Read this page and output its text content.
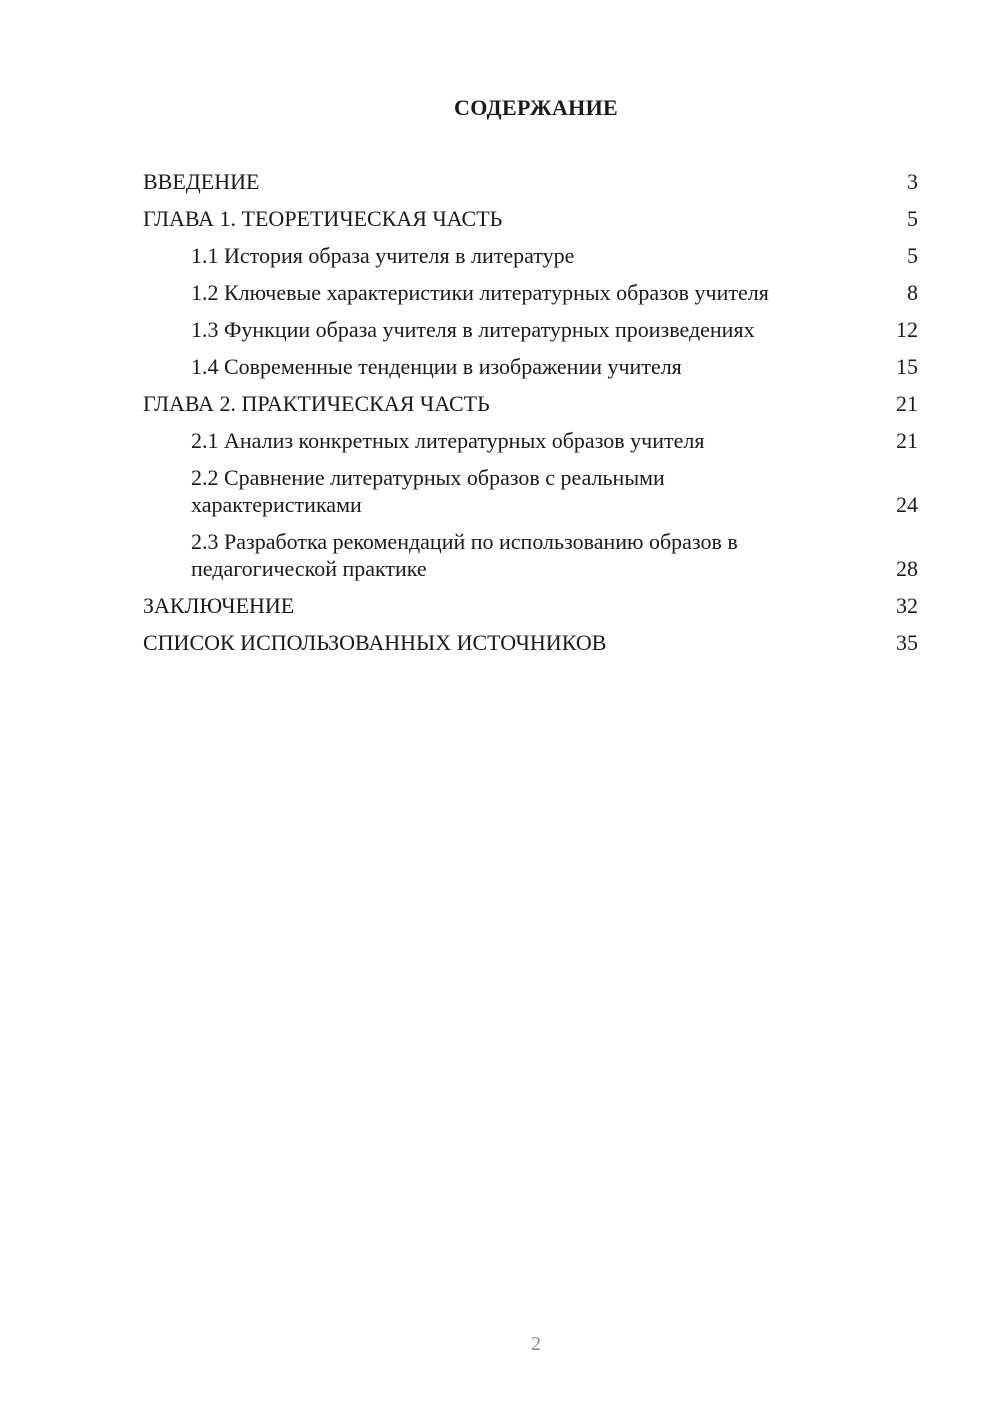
СОДЕРЖАНИЕ
ВВЕДЕНИЕ	3
ГЛАВА 1. ТЕОРЕТИЧЕСКАЯ ЧАСТЬ	5
1.1 История образа учителя в литературе	5
1.2 Ключевые характеристики литературных образов учителя	8
1.3 Функции образа учителя в литературных произведениях	12
1.4 Современные тенденции в изображении учителя	15
ГЛАВА 2. ПРАКТИЧЕСКАЯ ЧАСТЬ	21
2.1 Анализ конкретных литературных образов учителя	21
2.2 Сравнение литературных образов с реальными характеристиками	24
2.3 Разработка рекомендаций по использованию образов в педагогической практике	28
ЗАКЛЮЧЕНИЕ	32
СПИСОК ИСПОЛЬЗОВАННЫХ ИСТОЧНИКОВ	35
2
